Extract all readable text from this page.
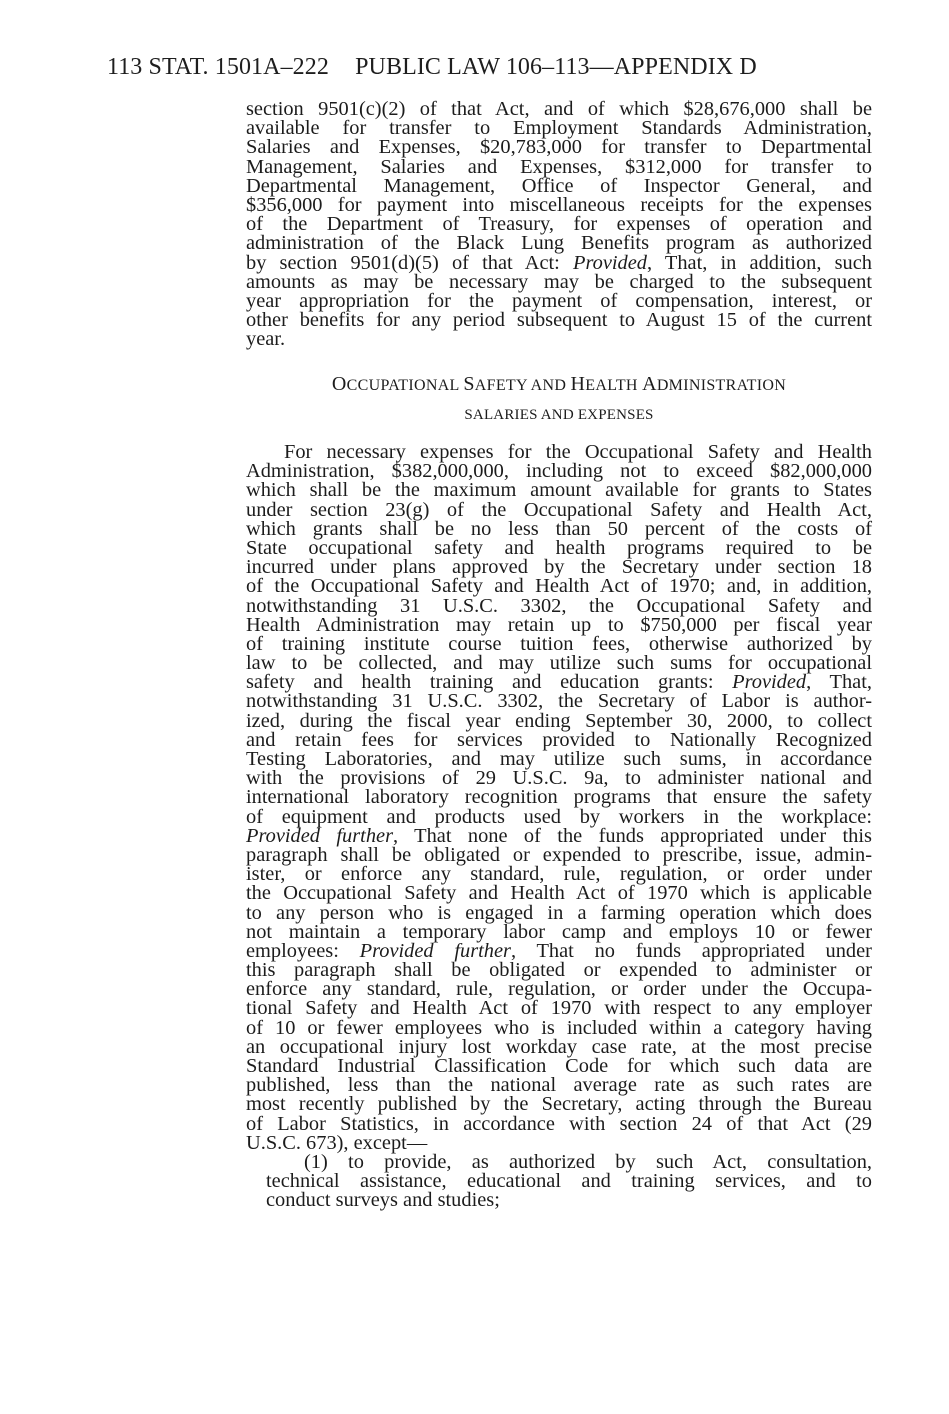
113 STAT. 1501A–222 PUBLIC LAW 106–113—APPENDIX D
section 9501(c)(2) of that Act, and of which $28,676,000 shall be
available for transfer to Employment Standards Administration,
Salaries and Expenses, $20,783,000 for transfer to Departmental
Management, Salaries and Expenses, $312,000 for transfer to
Departmental Management, Office of Inspector General, and
$356,000 for payment into miscellaneous receipts for the expenses
of the Department of Treasury, for expenses of operation and
administration of the Black Lung Benefits program as authorized
by section 9501(d)(5) of that Act: Provided, That, in addition, such
amounts as may be necessary may be charged to the subsequent
year appropriation for the payment of compensation, interest, or
other benefits for any period subsequent to August 15 of the current
year.
OCCUPATIONAL SAFETY AND HEALTH ADMINISTRATION
SALARIES AND EXPENSES
For necessary expenses for the Occupational Safety and Health
Administration, $382,000,000, including not to exceed $82,000,000
which shall be the maximum amount available for grants to States
under section 23(g) of the Occupational Safety and Health Act,
which grants shall be no less than 50 percent of the costs of
State occupational safety and health programs required to be
incurred under plans approved by the Secretary under section 18
of the Occupational Safety and Health Act of 1970; and, in addition,
notwithstanding 31 U.S.C. 3302, the Occupational Safety and
Health Administration may retain up to $750,000 per fiscal year
of training institute course tuition fees, otherwise authorized by
law to be collected, and may utilize such sums for occupational
safety and health training and education grants: Provided, That,
notwithstanding 31 U.S.C. 3302, the Secretary of Labor is author-
ized, during the fiscal year ending September 30, 2000, to collect
and retain fees for services provided to Nationally Recognized
Testing Laboratories, and may utilize such sums, in accordance
with the provisions of 29 U.S.C. 9a, to administer national and
international laboratory recognition programs that ensure the safety
of equipment and products used by workers in the workplace:
Provided further, That none of the funds appropriated under this
paragraph shall be obligated or expended to prescribe, issue, admin-
ister, or enforce any standard, rule, regulation, or order under
the Occupational Safety and Health Act of 1970 which is applicable
to any person who is engaged in a farming operation which does
not maintain a temporary labor camp and employs 10 or fewer
employees: Provided further, That no funds appropriated under
this paragraph shall be obligated or expended to administer or
enforce any standard, rule, regulation, or order under the Occupa-
tional Safety and Health Act of 1970 with respect to any employer
of 10 or fewer employees who is included within a category having
an occupational injury lost workday case rate, at the most precise
Standard Industrial Classification Code for which such data are
published, less than the national average rate as such rates are
most recently published by the Secretary, acting through the Bureau
of Labor Statistics, in accordance with section 24 of that Act (29
U.S.C. 673), except—
(1) to provide, as authorized by such Act, consultation,
technical assistance, educational and training services, and to
conduct surveys and studies;
